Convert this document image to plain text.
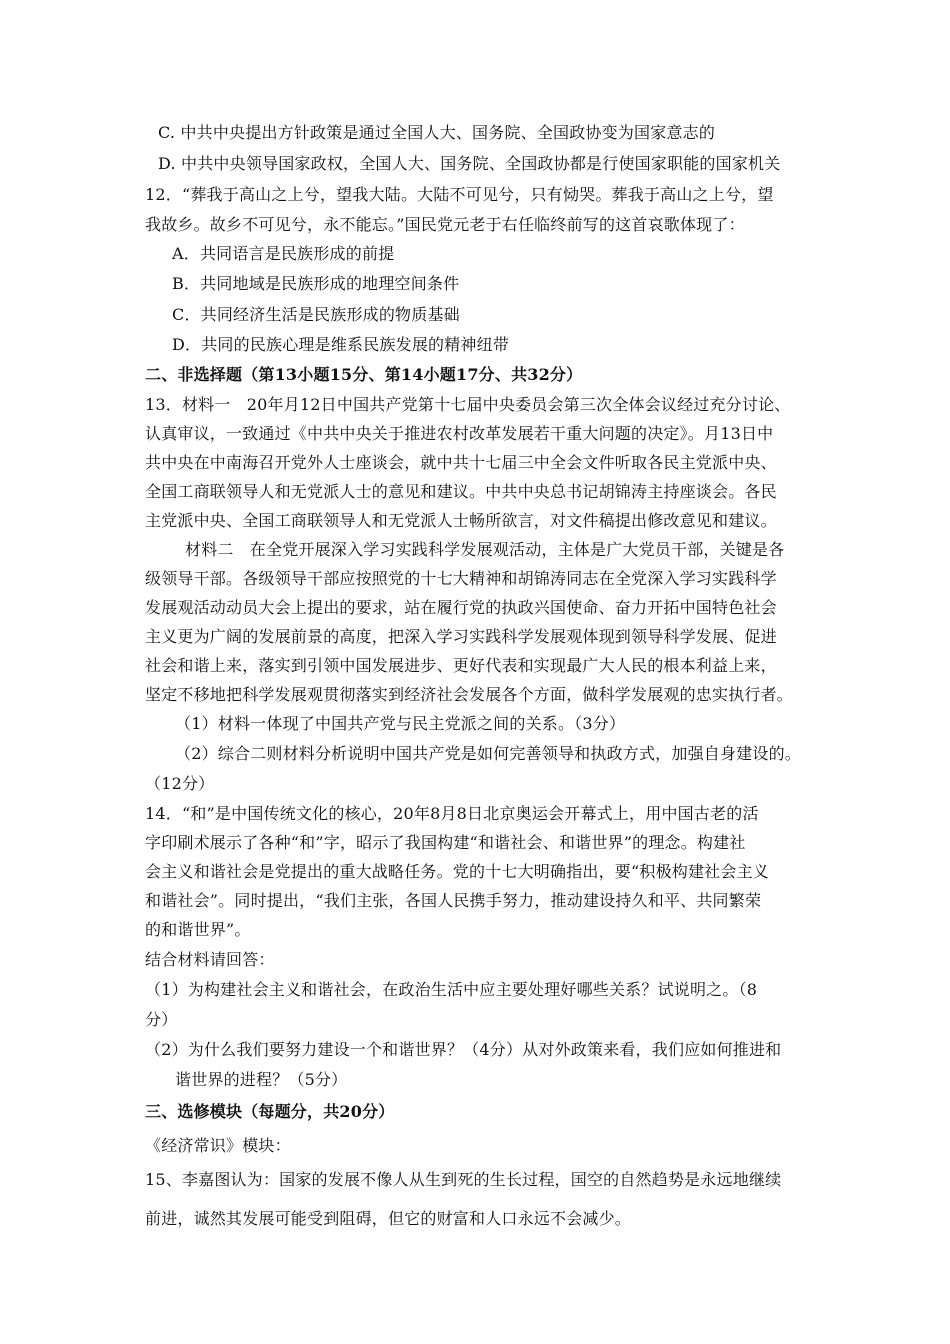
C. 中共中央提出方针政策是通过全国人大、国务院、全国政协变为国家意志的
D. 中共中央领导国家政权，全国人大、国务院、全国政协都是行使国家职能的国家机关
12．“葬我于高山之上兮，望我大陆。大陆不可见兮，只有恸哭。葬我于高山之上兮，望
我故乡。故乡不可见兮，永不能忘。”国民党元老于右任临终前写的这首哀歌体现了：
A．共同语言是民族形成的前提
B．共同地域是民族形成的地理空间条件
C．共同经济生活是民族形成的物质基础
D．共同的民族心理是维系民族发展的精神纽带
二、非选择题（第13小题15分、第14小题17分、共32分）
13．材料一　20年月12日中国共产党第十七届中央委员会第三次全体会议经过充分讨论、
认真审议，一致通过《中共中央关于推进农村改革发展若干重大问题的决定》。月13日中
共中央在中南海召开党外人士座谈会，就中共十七届三中全会文件听取各民主党派中央、
全国工商联领导人和无党派人士的意见和建议。中共中央总书记胡锦涛主持座谈会。各民
主党派中央、全国工商联领导人和无党派人士畅所欲言，对文件稿提出修改意见和建议。
材料二　在全党开展深入学习实践科学发展观活动，主体是广大党员干部，关键是各
级领导干部。各级领导干部应按照党的十七大精神和胡锦涛同志在全党深入学习实践科学
发展观活动动员大会上提出的要求，站在履行党的执政兴国使命、奋力开拓中国特色社会
主义更为广阔的发展前景的高度，把深入学习实践科学发展观体现到领导科学发展、促进
社会和谐上来，落实到引领中国发展进步、更好代表和实现最广大人民的根本利益上来，
坚定不移地把科学发展观贯彻落实到经济社会发展各个方面，做科学发展观的忠实执行者。
（1）材料一体现了中国共产党与民主党派之间的关系。（3分）
（2）综合二则材料分析说明中国共产党是如何完善领导和执政方式，加强自身建设的。
（12分）
14．“和”是中国传统文化的核心，20年8月8日北京奥运会开幕式上，用中国古老的活
字印刷术展示了各种“和”字，昭示了我国构建“和谐社会、和谐世界”的理念。构建社
会主义和谐社会是党提出的重大战略任务。党的十七大明确指出，要“积极构建社会主义
和谐社会”。同时提出，“我们主张，各国人民携手努力，推动建设持久和平、共同繁荣
的和谐世界”。
结合材料请回答：
（1）为构建社会主义和谐社会，在政治生活中应主要处理好哪些关系？试说明之。（8
分）
（2）为什么我们要努力建设一个和谐世界？（4分）从对外政策来看，我们应如何推进和
谐世界的进程？（5分）
三、选修模块（每题分，共20分）
《经济常识》模块：
15、李嘉图认为：国家的发展不像人从生到死的生长过程，国空的自然趋势是永远地继续
前进，诚然其发展可能受到阻碍，但它的财富和人口永远不会减少。
